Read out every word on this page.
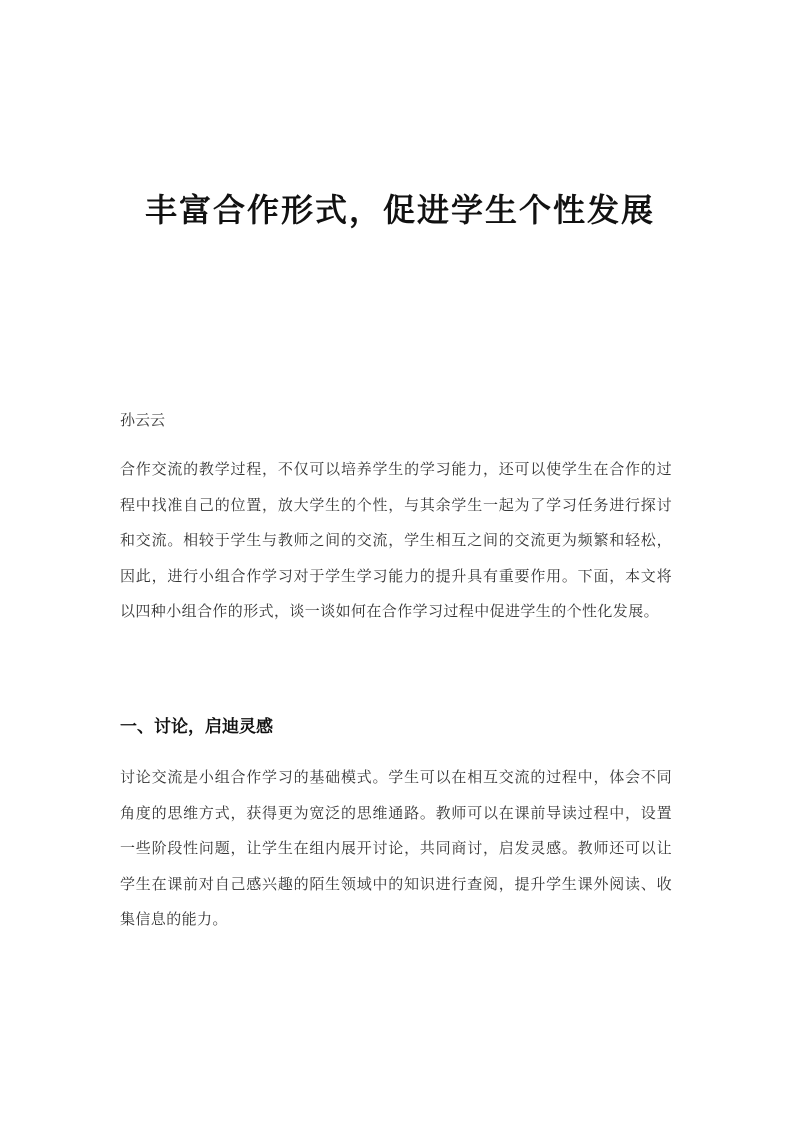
丰富合作形式，促进学生个性发展
孙云云

合作交流的教学过程，不仅可以培养学生的学习能力，还可以使学生在合作的过程中找准自己的位置，放大学生的个性，与其余学生一起为了学习任务进行探讨和交流。相较于学生与教师之间的交流，学生相互之间的交流更为频繁和轻松，因此，进行小组合作学习对于学生学习能力的提升具有重要作用。下面，本文将以四种小组合作的形式，谈一谈如何在合作学习过程中促进学生的个性化发展。

一、讨论，启迪灵感

讨论交流是小组合作学习的基础模式。学生可以在相互交流的过程中，体会不同角度的思维方式，获得更为宽泛的思维通路。教师可以在课前导读过程中，设置一些阶段性问题，让学生在组内展开讨论，共同商讨，启发灵感。教师还可以让学生在课前对自己感兴趣的陌生领域中的知识进行查阅，提升学生课外阅读、收集信息的能力。
